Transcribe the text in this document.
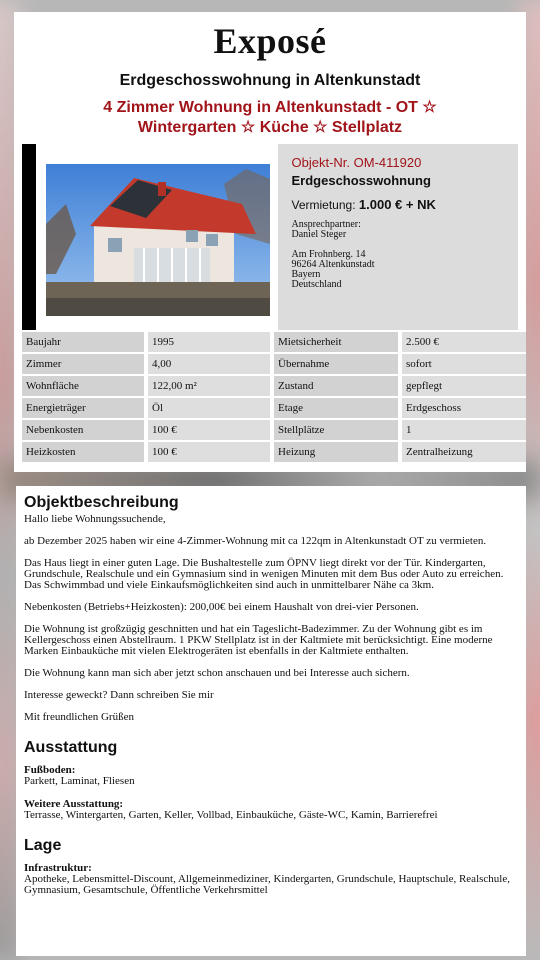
Exposé
Erdgeschosswohnung in Altenkunstadt
4 Zimmer Wohnung in Altenkunstadt - OT ☆
Wintergarten ☆ Küche ☆ Stellplatz
Objekt-Nr. OM-411920
Erdgeschosswohnung
Vermietung: 1.000 € + NK
Ansprechpartner:
Daniel Steger
Am Frohnberg. 14
96264 Altenkunstadt
Bayern
Deutschland
Baujahr	1995	Mietsicherheit	2.500 €
Zimmer	4,00	Übernahme	sofort
Wohnfläche	122,00 m²	Zustand	gepflegt
Energieträger	Öl	Etage	Erdgeschoss
Nebenkosten	100 €	Stellplätze	1
Heizkosten	100 €	Heizung	Zentralheizung
Objektbeschreibung
Hallo liebe Wohnungssuchende,
ab Dezember 2025 haben wir eine 4-Zimmer-Wohnung mit ca 122qm in Altenkunstadt OT zu vermieten.
Das Haus liegt in einer guten Lage. Die Bushaltestelle zum ÖPNV liegt direkt vor der Tür. Kindergarten, Grundschule, Realschule und ein Gymnasium sind in wenigen Minuten mit dem Bus oder Auto zu erreichen. Das Schwimmbad und viele Einkaufsmöglichkeiten sind auch in unmittelbarer Nähe ca 3km.
Nebenkosten (Betriebs+Heizkosten): 200,00€ bei einem Haushalt von drei-vier Personen.
Die Wohnung ist großzügig geschnitten und hat ein Tageslicht-Badezimmer. Zu der Wohnung gibt es im Kellergeschoss einen Abstellraum. 1 PKW Stellplatz ist in der Kaltmiete mit berücksichtigt. Eine moderne Marken Einbauküche mit vielen Elektrogeräten ist ebenfalls in der Kaltmiete enthalten.
Die Wohnung kann man sich aber jetzt schon anschauen und bei Interesse auch sichern.
Interesse geweckt? Dann schreiben Sie mir
Mit freundlichen Grüßen
Ausstattung
Fußboden:
Parkett, Laminat, Fliesen
Weitere Ausstattung:
Terrasse, Wintergarten, Garten, Keller, Vollbad, Einbauküche, Gäste-WC, Kamin, Barrierefrei
Lage
Infrastruktur:
Apotheke, Lebensmittel-Discount, Allgemeinmediziner, Kindergarten, Grundschule, Hauptschule, Realschule, Gymnasium, Gesamtschule, Öffentliche Verkehrsmittel
